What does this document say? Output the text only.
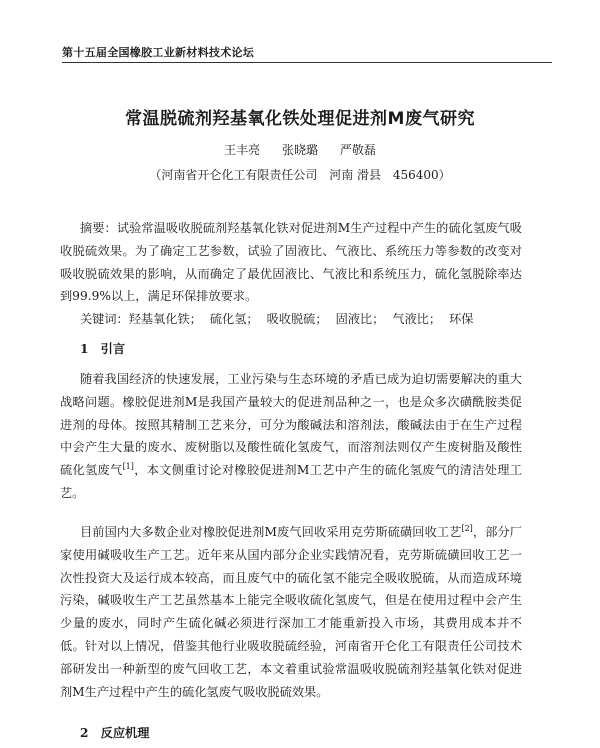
第十五届全国橡胶工业新材料技术论坛
常温脱硫剂羟基氧化铁处理促进剂M废气研究
王丰亮 张晓璐 严敬磊
（河南省开仑化工有限责任公司 河南 滑县 456400）

摘要：试验常温吸收脱硫剂羟基氧化铁对促进剂M生产过程中产生的硫化氢废气吸收脱硫效果。为了确定工艺参数，试验了固液比、气液比、系统压力等参数的改变对吸收脱硫效果的影响，从而确定了最优固液比、气液比和系统压力，硫化氢脱除率达到99.9%以上，满足环保排放要求。

关键词：羟基氧化铁； 硫化氢； 吸收脱硫； 固液比； 气液比； 环保

1　引言

随着我国经济的快速发展，工业污染与生态环境的矛盾已成为迫切需要解决的重大战略问题。橡胶促进剂M是我国产量较大的促进剂品种之一，也是众多次磺酰胺类促进剂的母体。按照其精制工艺来分，可分为酸碱法和溶剂法，酸碱法由于在生产过程中会产生大量的废水、废树脂以及酸性硫化氢废气，而溶剂法则仅产生废树脂及酸性硫化氢废气[1]，本文侧重讨论对橡胶促进剂M工艺中产生的硫化氢废气的清洁处理工艺。

目前国内大多数企业对橡胶促进剂M废气回收采用克劳斯硫磺回收工艺[2]，部分厂家使用碱吸收生产工艺。近年来从国内部分企业实践情况看，克劳斯硫磺回收工艺一次性投资大及运行成本较高，而且废气中的硫化氢不能完全吸收脱硫，从而造成环境污染，碱吸收生产工艺虽然基本上能完全吸收硫化氢废气，但是在使用过程中会产生少量的废水，同时产生硫化碱必须进行深加工才能重新投入市场，其费用成本并不低。针对以上情况，借鉴其他行业吸收脱硫经验，河南省开仑化工有限责任公司技术部研发出一种新型的废气回收工艺，本文着重试验常温吸收脱硫剂羟基氧化铁对促进剂M生产过程中产生的硫化氢废气吸收脱硫效果。

2　反应机理
